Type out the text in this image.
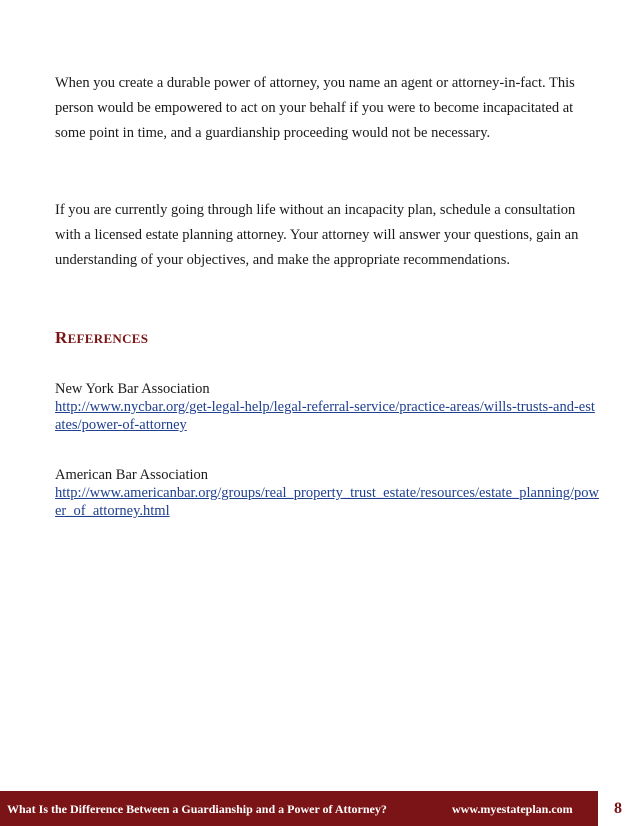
When you create a durable power of attorney, you name an agent or attorney-in-fact. This person would be empowered to act on your behalf if you were to become incapacitated at some point in time, and a guardianship proceeding would not be necessary.

If you are currently going through life without an incapacity plan, schedule a consultation with a licensed estate planning attorney. Your attorney will answer your questions, gain an understanding of your objectives, and make the appropriate recommendations.

REFERENCES
New York Bar Association
http://www.nycbar.org/get-legal-help/legal-referral-service/practice-areas/wills-trusts-and-estates/power-of-attorney
American Bar Association
http://www.americanbar.org/groups/real_property_trust_estate/resources/estate_planning/power_of_attorney.html
What Is the Difference Between a Guardianship and a Power of Attorney?	www.myestateplan.com	8
